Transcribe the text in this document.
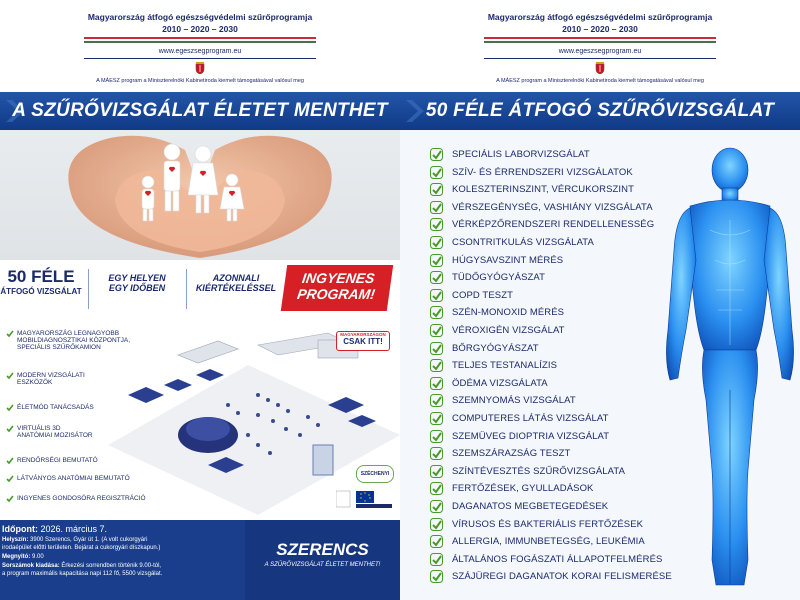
Magyarország átfogó egészségvédelmi szűrőprogramja
2010 – 2020 – 2030
www.egeszsegprogram.eu
A MÁESZ program a Miniszterelnöki Kabinetiroda kiemelt támogatásával valósul meg
A SZŰRŐVIZSGÁLAT ÉLETET MENTHET
50 FÉLE
ÁTFOGÓ VIZSGÁLAT
EGY HELYEN
EGY IDŐBEN
AZONNALI
KIÉRTÉKELÉSSEL
INGYENES
PROGRAM!
MAGYARORSZÁG LEGNAGYOBB
MOBILDIAGNOSZTIKAI KÖZPONTJA,
SPECIÁLIS SZŰRŐKAMION
MODERN VIZSGÁLATI
ESZKÖZÖK
ÉLETMÓD TANÁCSADÁS
VIRTUÁLIS 3D
ANATÓMIAI MOZISÁTOR
RENDŐRSÉGI BEMUTATÓ
LÁTVÁNYOS ANATÓMIAI BEMUTATÓ
INGYENES GONDOSÓRA REGISZTRÁCIÓ
MAGYARORSZÁGON
CSAK ITT!
SZÉCHENYI
Időpont: 2026. március 7.
Helyszín: 3900 Szerencs, Gyár út 1. (A volt cukorgyári
irodaépület előtti területen. Bejárat a cukorgyári díszkapun.)
Megnyitó: 9.00
Sorszámok kiadása: Érkezési sorrendben történik 9.00-tól,
a program maximális kapacitása napi 112 fő, 5500 vizsgálat.
SZERENCS
A SZŰRŐVIZSGÁLAT ÉLETET MENTHET!
Magyarország átfogó egészségvédelmi szűrőprogramja
2010 – 2020 – 2030
www.egeszsegprogram.eu
A MÁESZ program a Miniszterelnöki Kabinetiroda kiemelt támogatásával valósul meg
50 FÉLE ÁTFOGÓ SZŰRŐVIZSGÁLAT
SPECIÁLIS LABORVIZSGÁLAT
SZÍV- ÉS ÉRRENDSZERI VIZSGÁLATOK
KOLESZTERINSZINT, VÉRCUKORSZINT
VÉRSZEGÉNYSÉG, VASHIÁNY VIZSGÁLATA
VÉRKÉPZŐRENDSZERI RENDELLENESSÉG
CSONTRITKULÁS VIZSGÁLATA
HÚGYSAVSZINT MÉRÉS
TÜDŐGYÓGYÁSZAT
COPD TESZT
SZÉN-MONOXID MÉRÉS
VÉROXIGÉN VIZSGÁLAT
BŐRGYÓGYÁSZAT
TELJES TESTANALÍZIS
ÖDÉMA VIZSGÁLATA
SZEMNYOMÁS VIZSGÁLAT
COMPUTERES LÁTÁS VIZSGÁLAT
SZEMÜVEG DIOPTRIA VIZSGÁLAT
SZEMSZÁRAZSÁG TESZT
SZÍNTÉVESZTÉS SZŰRŐVIZSGÁLATA
FERTŐZÉSEK, GYULLADÁSOK
DAGANATOS MEGBETEGEDÉSEK
VÍRUSOS ÉS BAKTERIÁLIS FERTŐZÉSEK
ALLERGIA, IMMUNBETEGSÉG, LEUKÉMIA
ÁLTALÁNOS FOGÁSZATI ÁLLAPOTFELMÉRÉS
SZÁJÜREGI DAGANATOK KORAI FELISMERÉSE
